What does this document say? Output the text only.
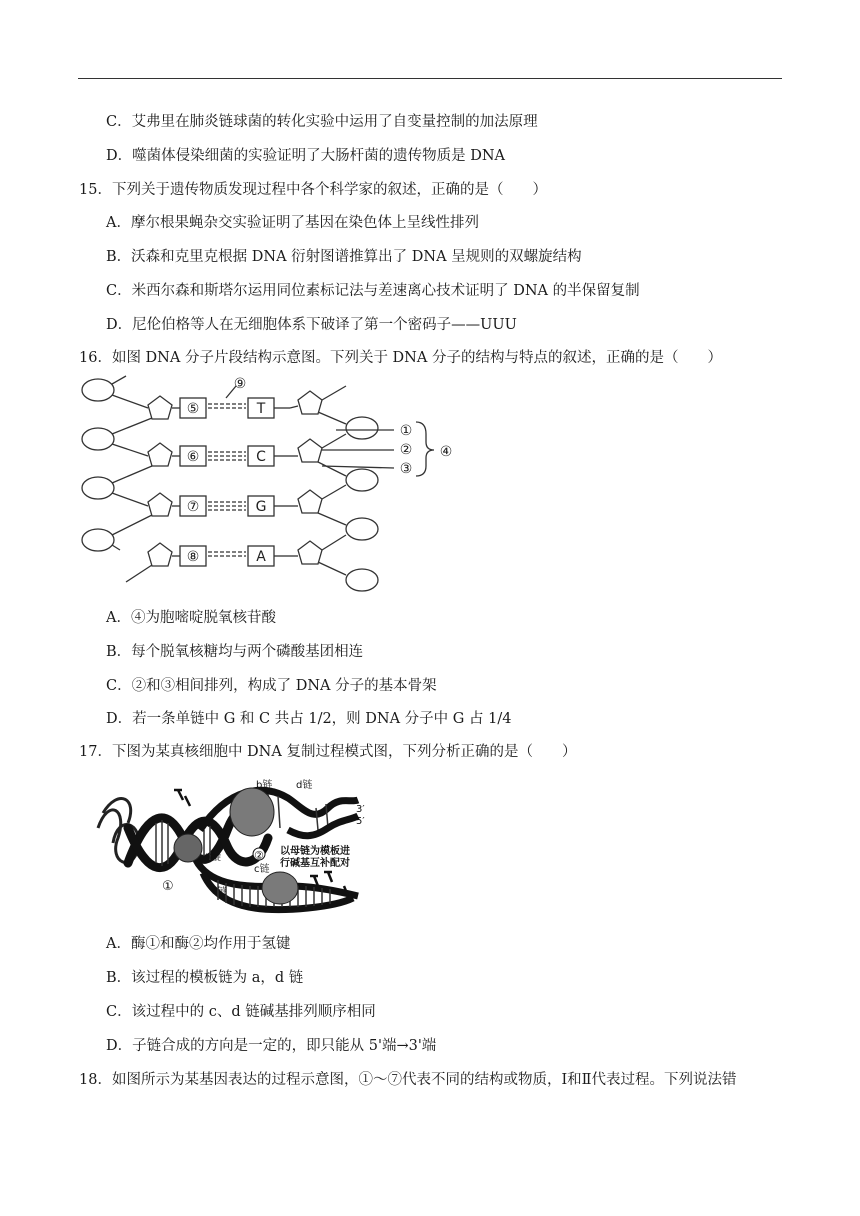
C．艾弗里在肺炎链球菌的转化实验中运用了自变量控制的加法原理
D．噬菌体侵染细菌的实验证明了大肠杆菌的遗传物质是 DNA
15．下列关于遗传物质发现过程中各个科学家的叙述，正确的是（　　）
A．摩尔根果蝇杂交实验证明了基因在染色体上呈线性排列
B．沃森和克里克根据 DNA 衍射图谱推算出了 DNA 呈规则的双螺旋结构
C．米西尔森和斯塔尔运用同位素标记法与差速离心技术证明了 DNA 的半保留复制
D．尼伦伯格等人在无细胞体系下破译了第一个密码子——UUU
16．如图 DNA 分子片段结构示意图。下列关于 DNA 分子的结构与特点的叙述，正确的是（　　）
⑤
⑥
⑦
⑧
T
C
G
A
⑨
①
②
③
④
A．④为胞嘧啶脱氧核苷酸
B．每个脱氧核糖均与两个磷酸基团相连
C．②和③相间排列，构成了 DNA 分子的基本骨架
D．若一条单链中 G 和 C 共占 1/2，则 DNA 分子中 G 占 1/4
17．下图为某真核细胞中 DNA 复制过程模式图，下列分析正确的是（　　）
b链 d链
3′
5′
解旋
①
②
c链
a链
以母链为模板进
行碱基互补配对
A．酶①和酶②均作用于氢键
B．该过程的模板链为 a，d 链
C．该过程中的 c、d 链碱基排列顺序相同
D．子链合成的方向是一定的，即只能从 5'端→3'端
18．如图所示为某基因表达的过程示意图，①～⑦代表不同的结构或物质，Ⅰ和Ⅱ代表过程。下列说法错
